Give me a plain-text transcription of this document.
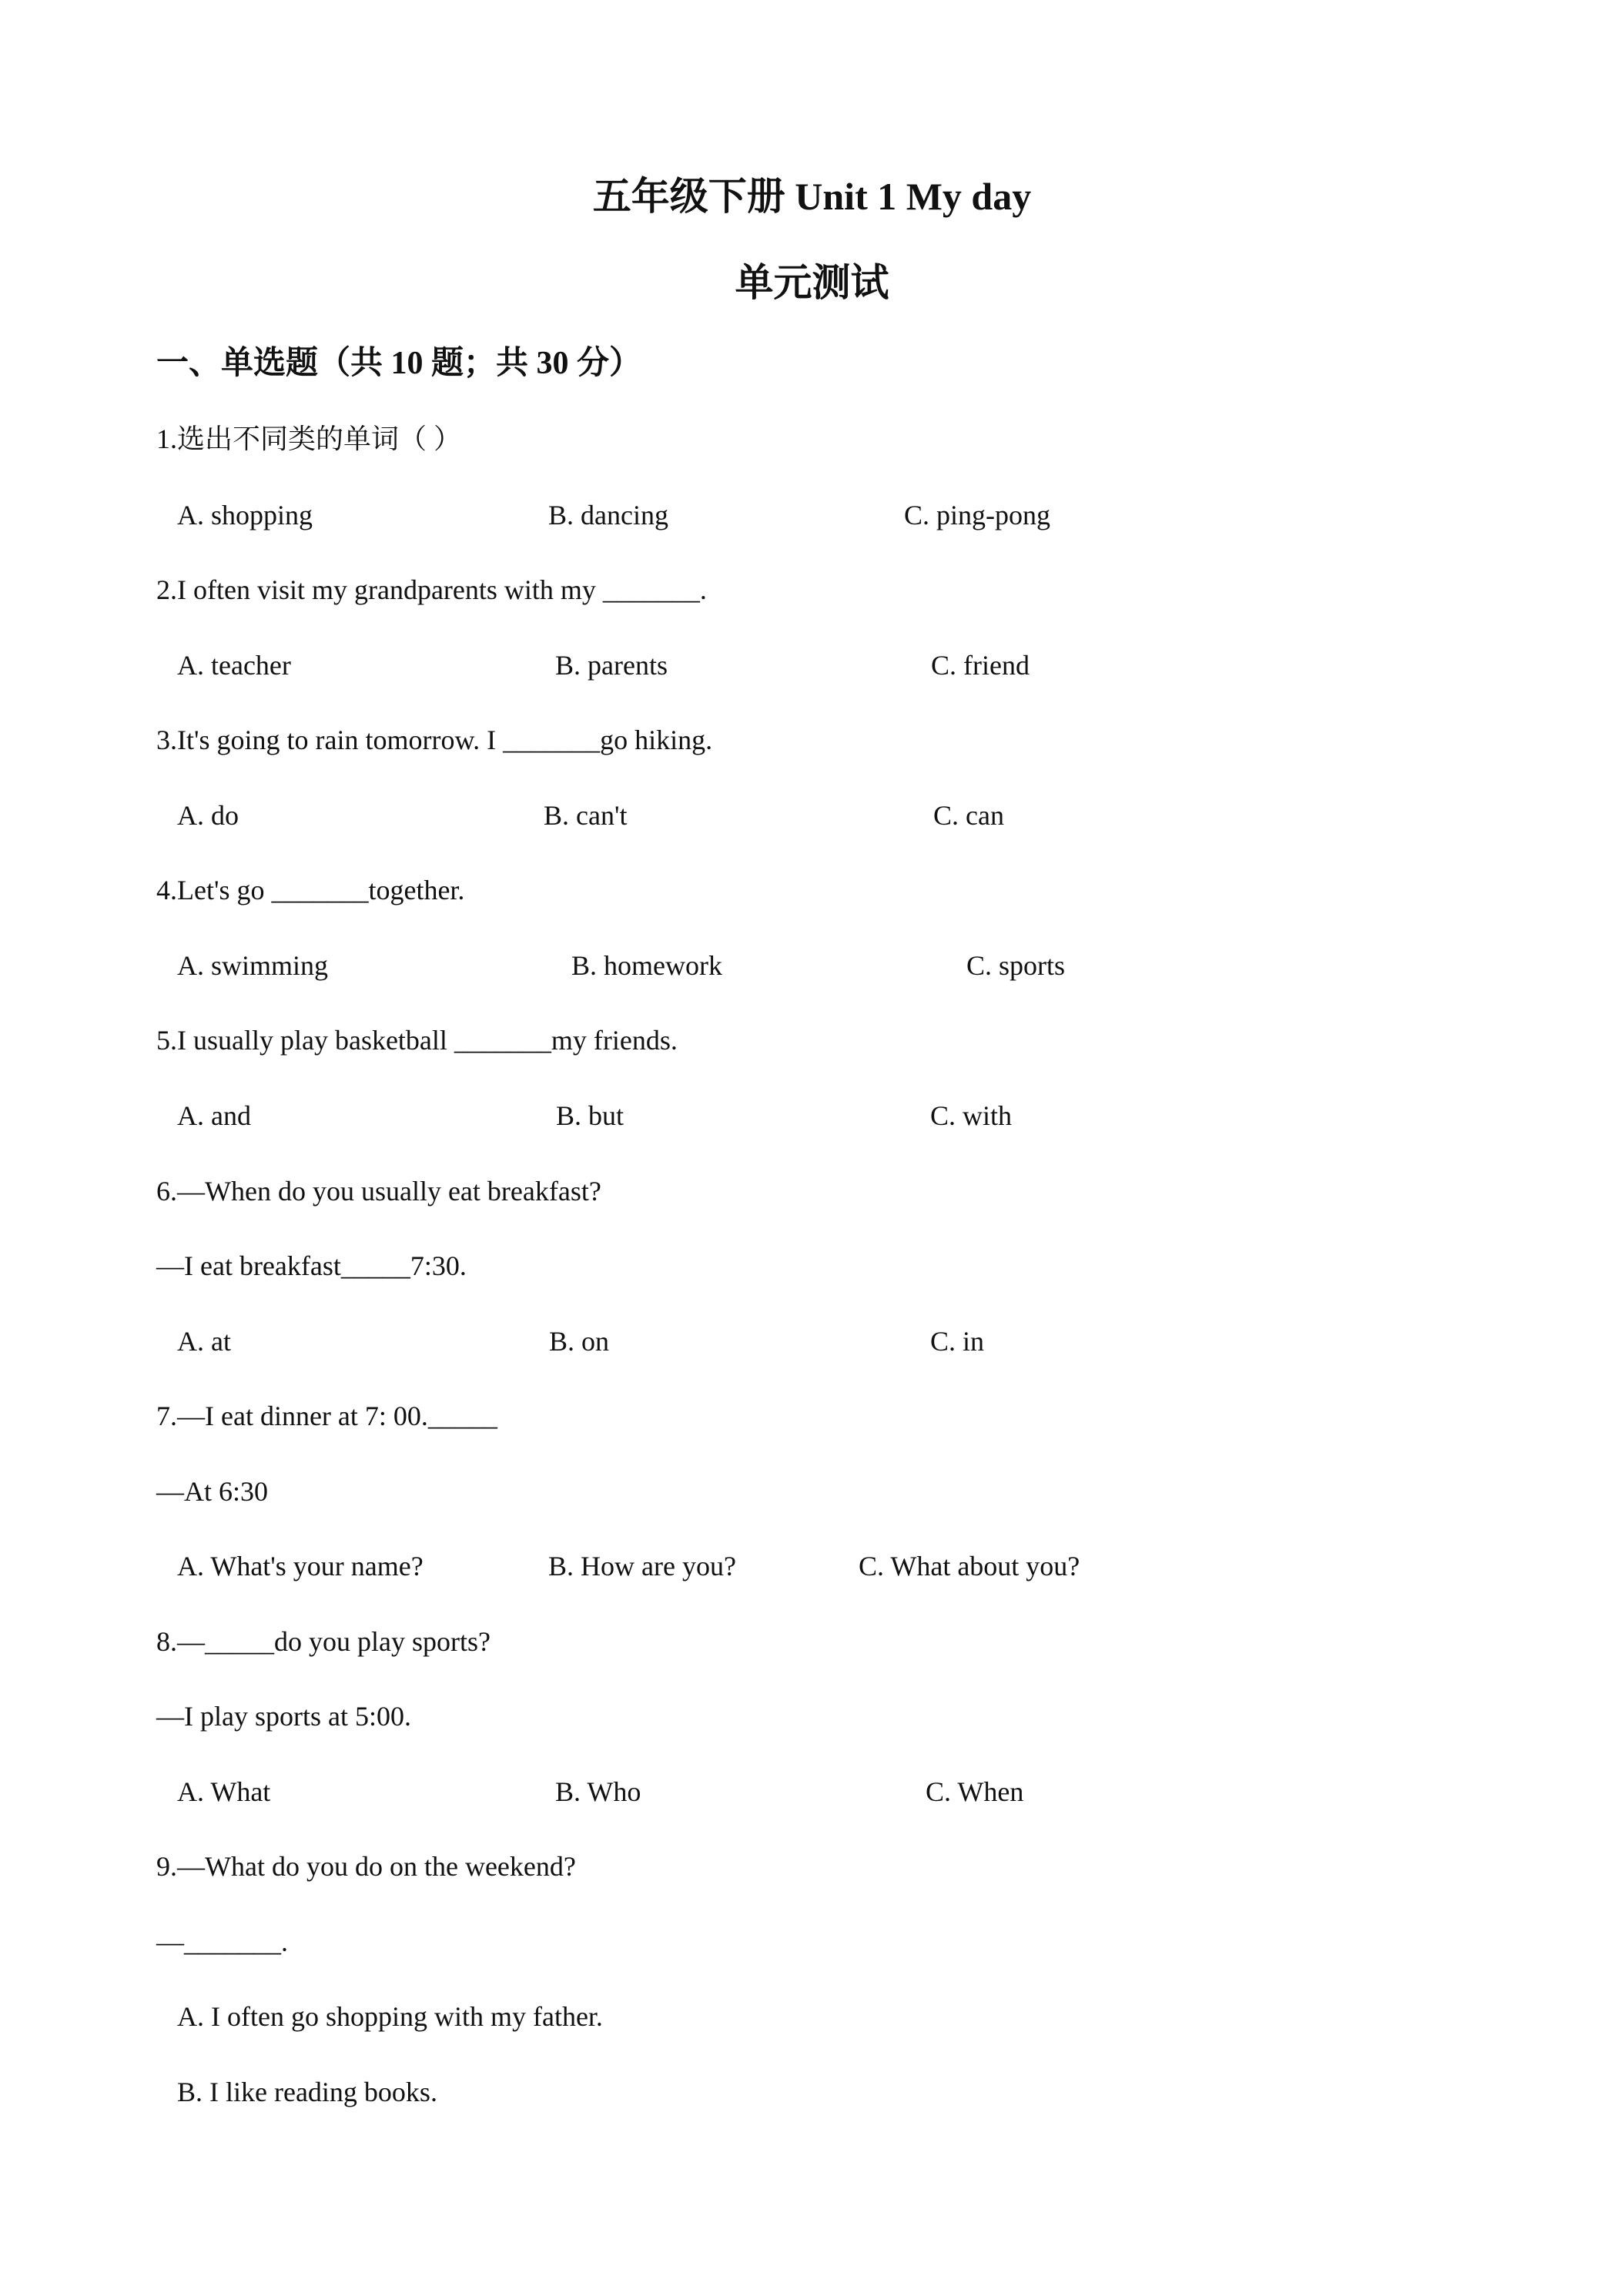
五年级下册 Unit 1 My day
单元测试
一、单选题（共 10 题；共 30 分）
1.选出不同类的单词（ ）
A. shopping	B. dancing	C. ping-pong
2.I often visit my grandparents with my _______.
A. teacher	B. parents	C. friend
3.It's going to rain tomorrow. I _______go hiking.
A. do	B. can't	C. can
4.Let's go _______together.
A. swimming	B. homework	C. sports
5.I usually play basketball _______my friends.
A. and	B. but	C. with
6.—When do you usually eat breakfast?
—I eat breakfast_____7:30.
A. at	B. on	C. in
7.—I eat dinner at 7: 00._____
—At 6:30
A. What's your name?	B. How are you?	C. What about you?
8.—_____do you play sports?
—I play sports at 5:00.
A. What	B. Who	C. When
9.—What do you do on the weekend?
—_______.
A. I often go shopping with my father.
B. I like reading books.
